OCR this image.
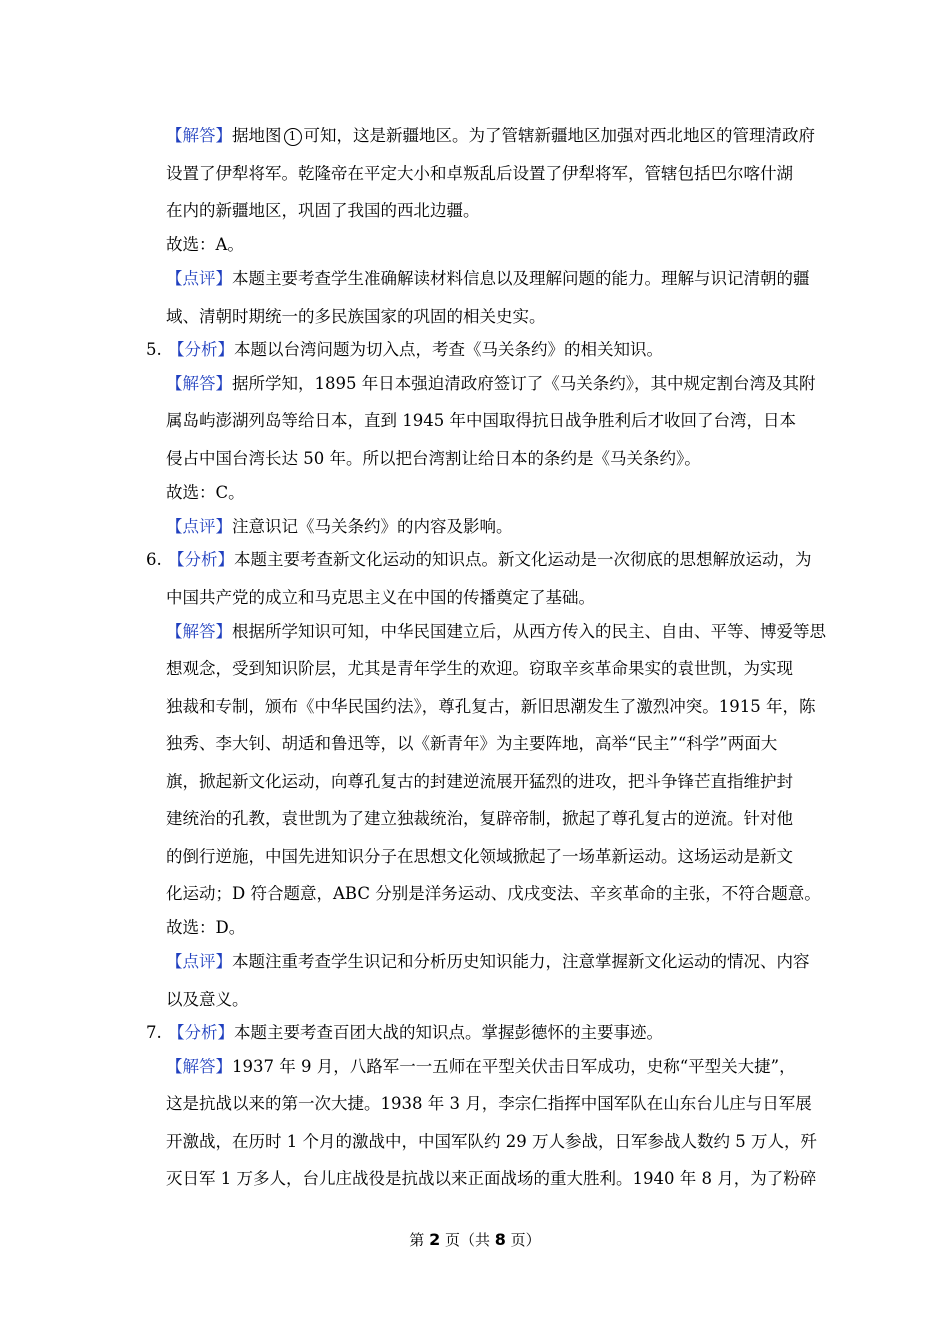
【解答】据地图 1 可知，这是新疆地区。为了管辖新疆地区加强对西北地区的管理清政府
设置了伊犁将军。乾隆帝在平定大小和卓叛乱后设置了伊犁将军，管辖包括巴尔喀什湖
在内的新疆地区，巩固了我国的西北边疆。
故选：A。
【点评】本题主要考查学生准确解读材料信息以及理解问题的能力。理解与识记清朝的疆
域、清朝时期统一的多民族国家的巩固的相关史实。
5. 【分析】本题以台湾问题为切入点，考查《马关条约》的相关知识。
【解答】据所学知，1895 年日本强迫清政府签订了《马关条约》，其中规定割台湾及其附
属岛屿澎湖列岛等给日本，直到 1945 年中国取得抗日战争胜利后才收回了台湾，日本
侵占中国台湾长达 50 年。所以把台湾割让给日本的条约是《马关条约》。
故选：C。
【点评】注意识记《马关条约》的内容及影响。
6. 【分析】本题主要考查新文化运动的知识点。新文化运动是一次彻底的思想解放运动，为
中国共产党的成立和马克思主义在中国的传播奠定了基础。
【解答】根据所学知识可知，中华民国建立后，从西方传入的民主、自由、平等、博爱等思
想观念，受到知识阶层，尤其是青年学生的欢迎。窃取辛亥革命果实的袁世凯，为实现
独裁和专制，颁布《中华民国约法》，尊孔复古，新旧思潮发生了激烈冲突。1915 年，陈
独秀、李大钊、胡适和鲁迅等，以《新青年》为主要阵地，高举“民主”“科学”两面大
旗，掀起新文化运动，向尊孔复古的封建逆流展开猛烈的进攻，把斗争锋芒直指维护封
建统治的孔教，袁世凯为了建立独裁统治，复辟帝制，掀起了尊孔复古的逆流。针对他
的倒行逆施，中国先进知识分子在思想文化领域掀起了一场革新运动。这场运动是新文
化运动；D 符合题意，ABC 分别是洋务运动、戊戌变法、辛亥革命的主张，不符合题意。
故选：D。
【点评】本题注重考查学生识记和分析历史知识能力，注意掌握新文化运动的情况、内容
以及意义。
7. 【分析】本题主要考查百团大战的知识点。掌握彭德怀的主要事迹。
【解答】1937 年 9 月，八路军一一五师在平型关伏击日军成功，史称“平型关大捷”，
这是抗战以来的第一次大捷。1938 年 3 月，李宗仁指挥中国军队在山东台儿庄与日军展
开激战，在历时 1 个月的激战中，中国军队约 29 万人参战，日军参战人数约 5 万人，歼
灭日军 1 万多人，台儿庄战役是抗战以来正面战场的重大胜利。1940 年 8 月，为了粉碎
第 2 页（共 8 页）
